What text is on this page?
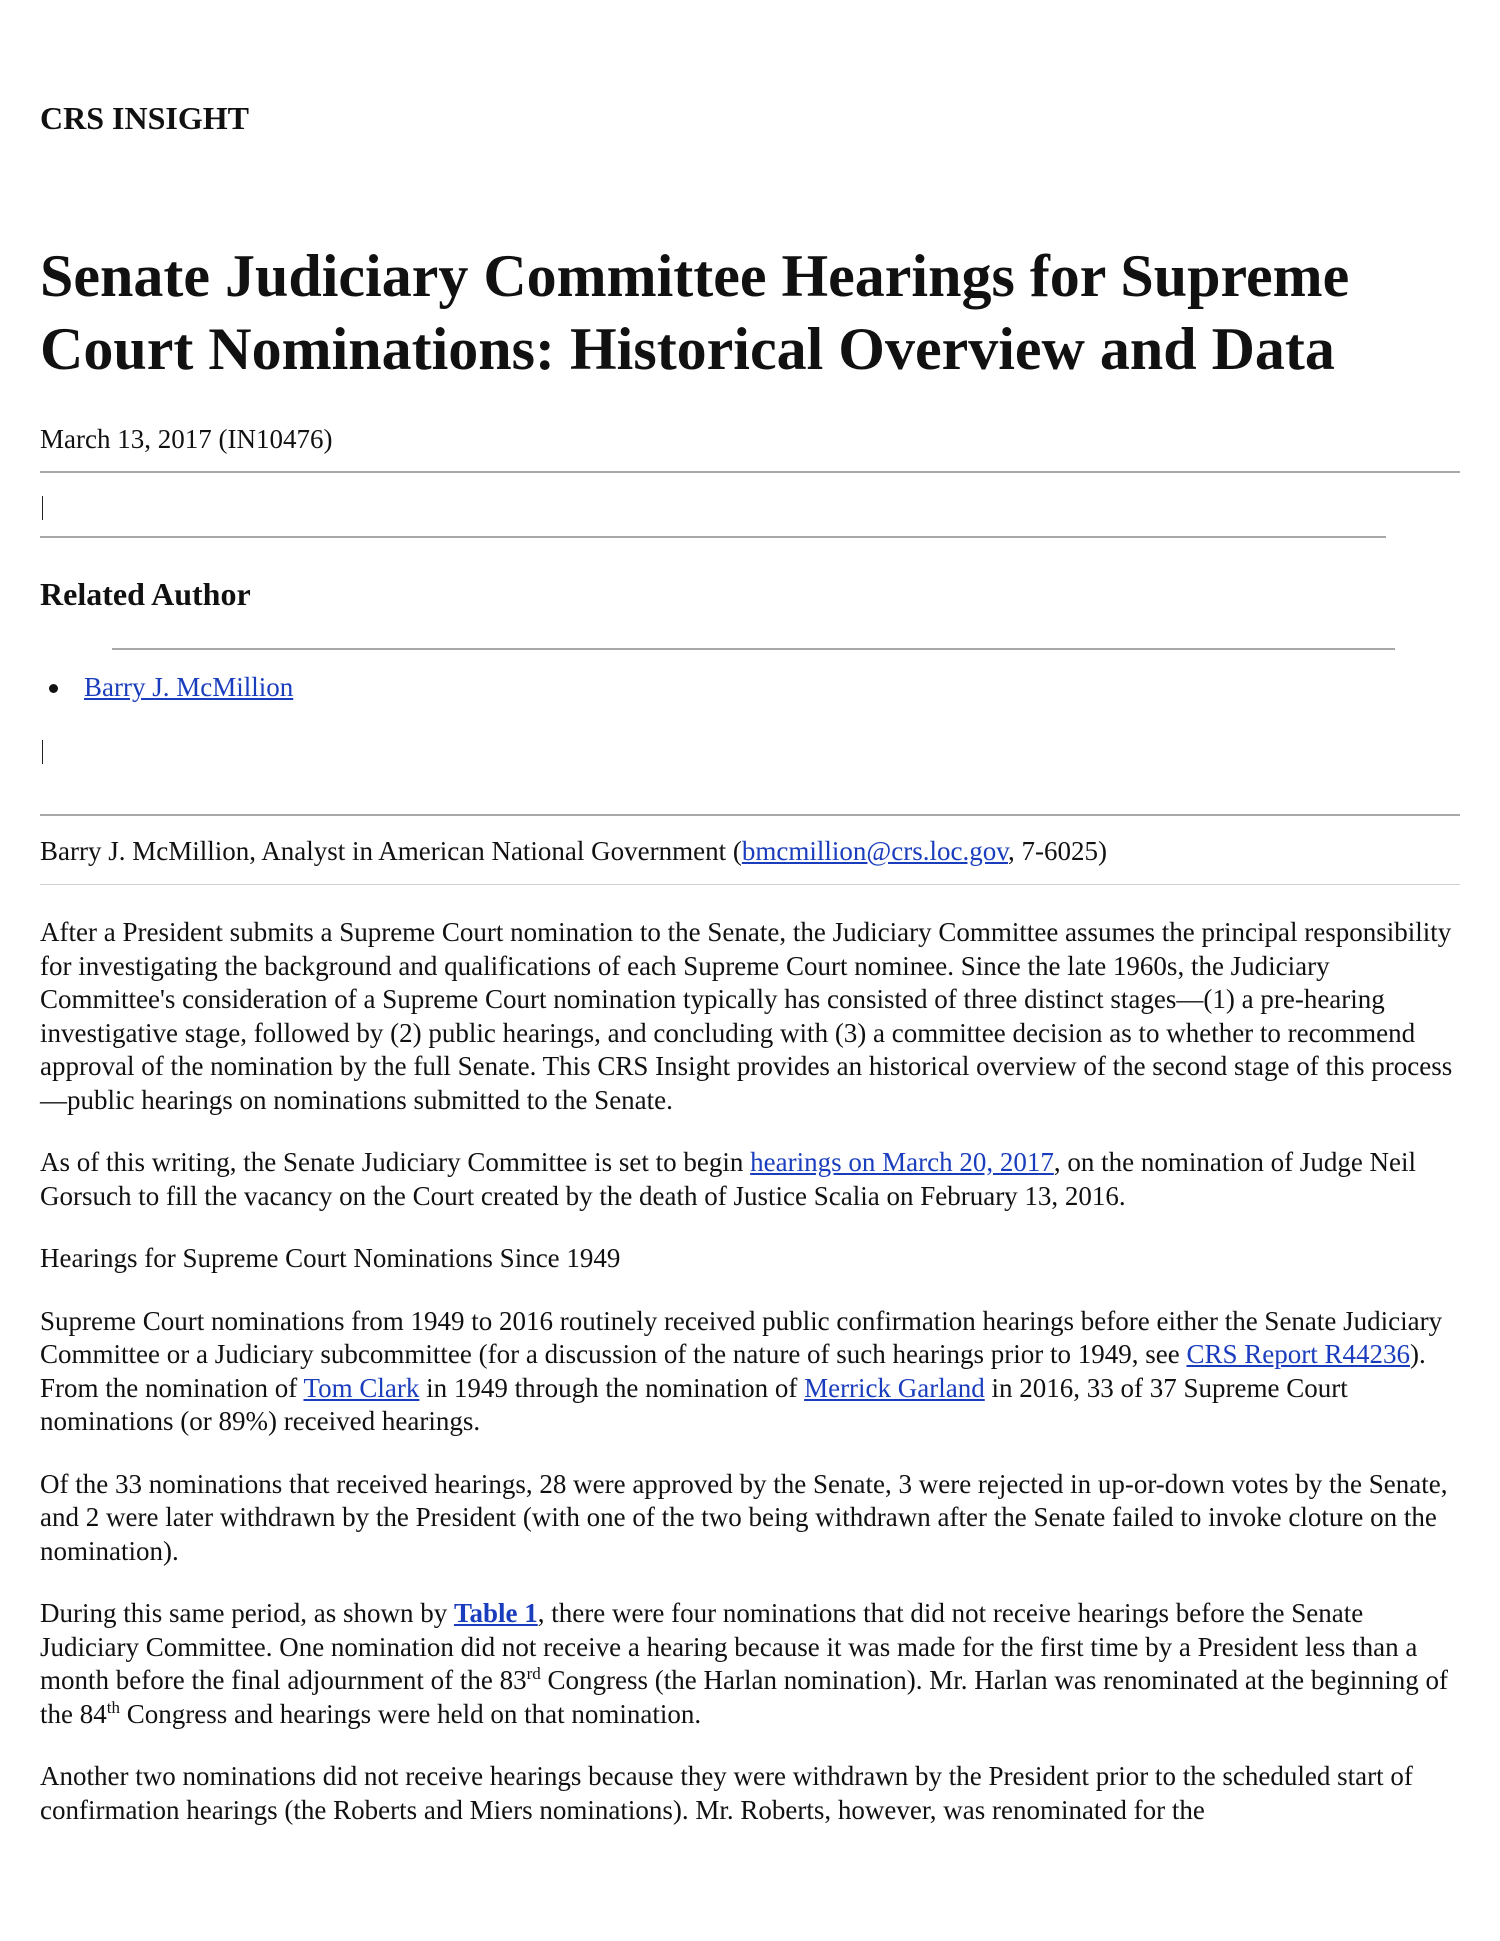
CRS INSIGHT
Senate Judiciary Committee Hearings for Supreme Court Nominations: Historical Overview and Data
March 13, 2017 (IN10476)
Related Author
Barry J. McMillion
Barry J. McMillion, Analyst in American National Government (bmcmillion@crs.loc.gov, 7-6025)

After a President submits a Supreme Court nomination to the Senate, the Judiciary Committee assumes the principal responsibility for investigating the background and qualifications of each Supreme Court nominee. Since the late 1960s, the Judiciary Committee's consideration of a Supreme Court nomination typically has consisted of three distinct stages—(1) a pre-hearing investigative stage, followed by (2) public hearings, and concluding with (3) a committee decision as to whether to recommend approval of the nomination by the full Senate. This CRS Insight provides an historical overview of the second stage of this process—public hearings on nominations submitted to the Senate.

As of this writing, the Senate Judiciary Committee is set to begin hearings on March 20, 2017, on the nomination of Judge Neil Gorsuch to fill the vacancy on the Court created by the death of Justice Scalia on February 13, 2016.

Hearings for Supreme Court Nominations Since 1949

Supreme Court nominations from 1949 to 2016 routinely received public confirmation hearings before either the Senate Judiciary Committee or a Judiciary subcommittee (for a discussion of the nature of such hearings prior to 1949, see CRS Report R44236). From the nomination of Tom Clark in 1949 through the nomination of Merrick Garland in 2016, 33 of 37 Supreme Court nominations (or 89%) received hearings.

Of the 33 nominations that received hearings, 28 were approved by the Senate, 3 were rejected in up-or-down votes by the Senate, and 2 were later withdrawn by the President (with one of the two being withdrawn after the Senate failed to invoke cloture on the nomination).

During this same period, as shown by Table 1, there were four nominations that did not receive hearings before the Senate Judiciary Committee. One nomination did not receive a hearing because it was made for the first time by a President less than a month before the final adjournment of the 83rd Congress (the Harlan nomination). Mr. Harlan was renominated at the beginning of the 84th Congress and hearings were held on that nomination.

Another two nominations did not receive hearings because they were withdrawn by the President prior to the scheduled start of confirmation hearings (the Roberts and Miers nominations). Mr. Roberts, however, was renominated for the
